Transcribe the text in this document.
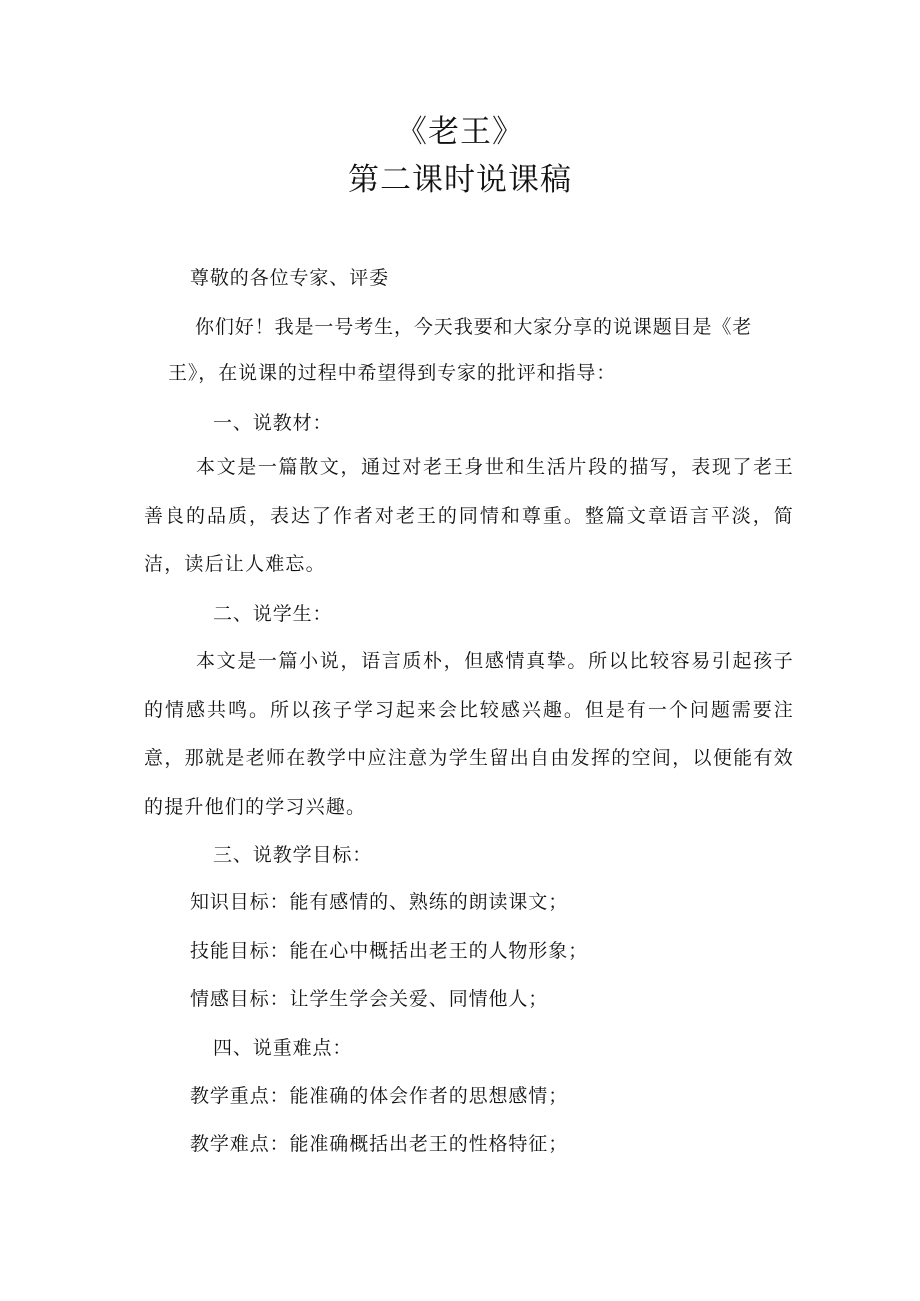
《老王》
第二课时说课稿

尊敬的各位专家、评委

你们好！我是一号考生，今天我要和大家分享的说课题目是《老

王》，在说课的过程中希望得到专家的批评和指导：

一、说教材：

本文是一篇散文，通过对老王身世和生活片段的描写，表现了老王善良的品质，表达了作者对老王的同情和尊重。整篇文章语言平淡，简洁，读后让人难忘。

二、说学生：

本文是一篇小说，语言质朴，但感情真挚。所以比较容易引起孩子的情感共鸣。所以孩子学习起来会比较感兴趣。但是有一个问题需要注意，那就是老师在教学中应注意为学生留出自由发挥的空间，以便能有效的提升他们的学习兴趣。

三、说教学目标：

知识目标：能有感情的、熟练的朗读课文；

技能目标：能在心中概括出老王的人物形象；

情感目标：让学生学会关爱、同情他人；

四、说重难点：

教学重点：能准确的体会作者的思想感情；

教学难点：能准确概括出老王的性格特征；
